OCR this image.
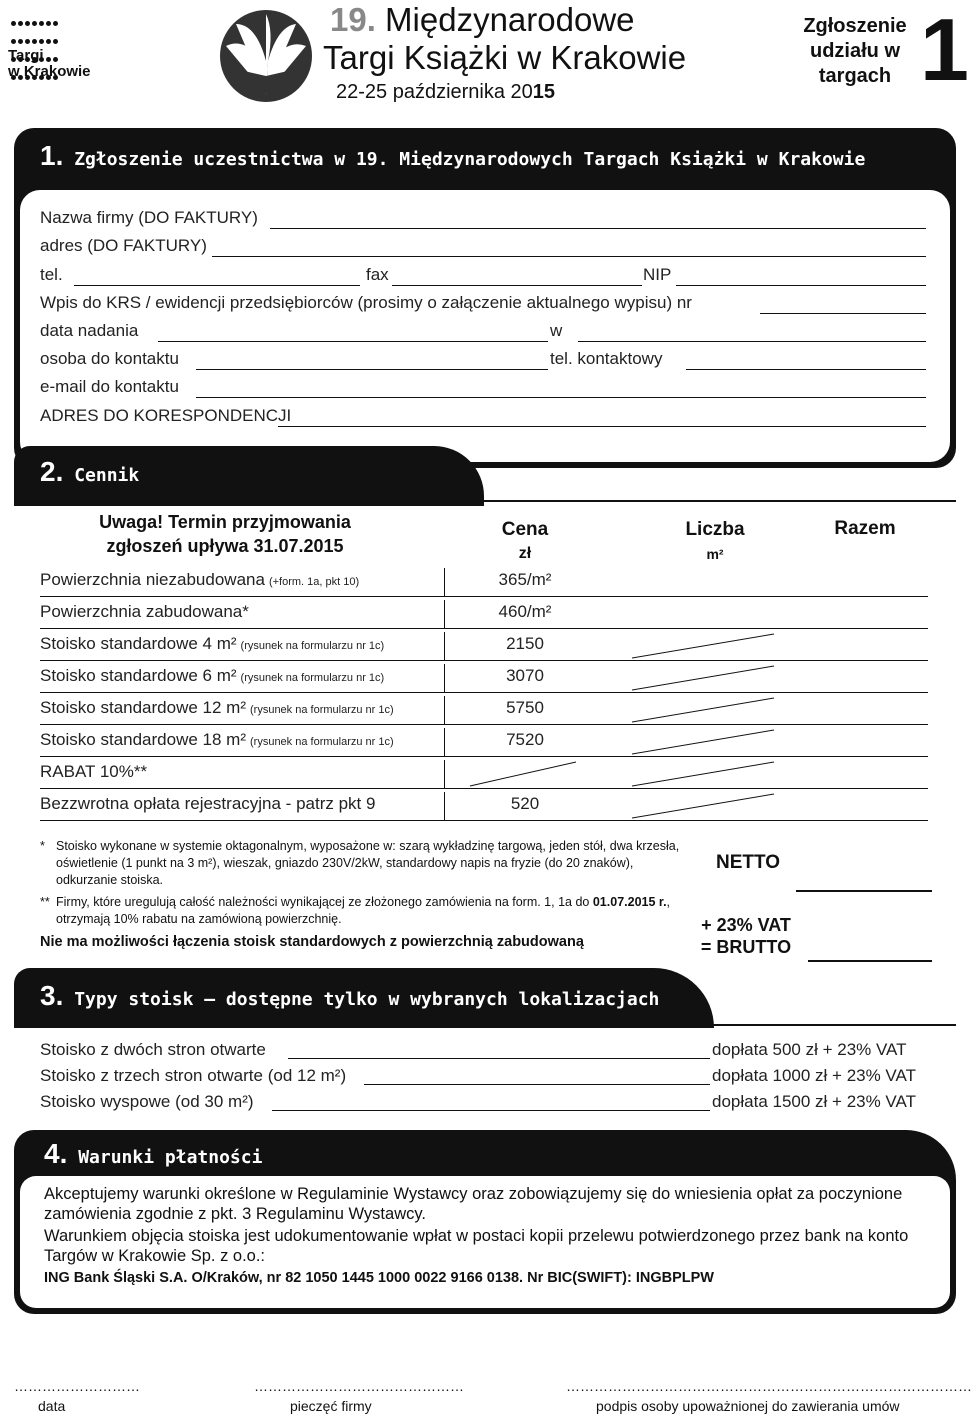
Targi
w Krakowie
19. Międzynarodowe
Targi Książki w Krakowie
22-25 października 2015
Zgłoszenie udziału w targach 1
1. Zgłoszenie uczestnictwa w 19. Międzynarodowych Targach Książki w Krakowie
Nazwa firmy (DO FAKTURY)
adres (DO FAKTURY)
tel.	fax	NIP
Wpis do KRS / ewidencji przedsiębiorców (prosimy o załączenie aktualnego wypisu) nr
data nadania	w
osoba do kontaktu	tel. kontaktowy
e-mail do kontaktu
ADRES DO KORESPONDENCJI
2. Cennik
Uwaga! Termin przyjmowania
zgłoszeń upływa 31.07.2015
Cena
zł
Liczba
m²
Razem
Powierzchnia niezabudowana (+form. 1a, pkt 10)	365/m²
Powierzchnia zabudowana*	460/m²
Stoisko standardowe 4 m² (rysunek na formularzu nr 1c)	2150
Stoisko standardowe 6 m² (rysunek na formularzu nr 1c)	3070
Stoisko standardowe 12 m² (rysunek na formularzu nr 1c)	5750
Stoisko standardowe 18 m² (rysunek na formularzu nr 1c)	7520
RABAT 10%**
Bezzwrotna opłata rejestracyjna - patrz pkt 9	520
* Stoisko wykonane w systemie oktagonalnym, wyposażone w: szarą wykładzinę targową, jeden stół, dwa krzesła, oświetlenie (1 punkt na 3 m²), wieszak, gniazdo 230V/2kW, standardowy napis na fryzie (do 20 znaków), odkurzanie stoiska.
** Firmy, które uregulują całość należności wynikającej ze złożonego zamówienia na form. 1, 1a do 01.07.2015 r., otrzymają 10% rabatu na zamówioną powierzchnię.
Nie ma możliwości łączenia stoisk standardowych z powierzchnią zabudowaną
NETTO
+ 23% VAT
= BRUTTO
3. Typy stoisk – dostępne tylko w wybranych lokalizacjach
Stoisko z dwóch stron otwarte	dopłata 500 zł + 23% VAT
Stoisko z trzech stron otwarte (od 12 m²)	dopłata 1000 zł + 23% VAT
Stoisko wyspowe (od 30 m²)	dopłata 1500 zł + 23% VAT
4. Warunki płatności
Akceptujemy warunki określone w Regulaminie Wystawcy oraz zobowiązujemy się do wniesienia opłat za poczynione zamówienia zgodnie z pkt. 3 Regulaminu Wystawcy.
Warunkiem objęcia stoiska jest udokumentowanie wpłat w postaci kopii przelewu potwierdzonego przez bank na konto Targów w Krakowie Sp. z o.o.:
ING Bank Śląski S.A. O/Kraków, nr 82 1050 1445 1000 0022 9166 0138. Nr BIC(SWIFT): INGBPLPW
………………………
data
………………………………………
pieczęć firmy
……………………………………………………………………………
podpis osoby upoważnionej do zawierania umów
